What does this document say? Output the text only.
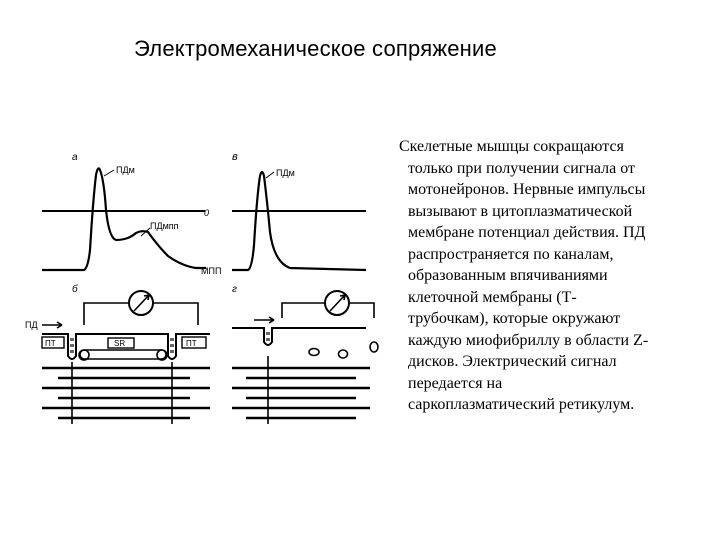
Электромеханическое сопряжение
Скелетные мышцы сокращаются
только при получении сигнала от
мотонейронов. Нервные импульсы
вызывают в цитоплазматической
мембране потенциал действия. ПД
распространяется по каналам,
образованным впячиваниями
клеточной мембраны (Т-
трубочкам), которые окружают
каждую миофибриллу в области Z-
дисков. Электрический сигнал
передается на
саркоплазматический ретикулум.
а
ПДм
0
ПДмпп
МПП
в
ПДм
б
ПД
ПТ	SR	ПТ
г
